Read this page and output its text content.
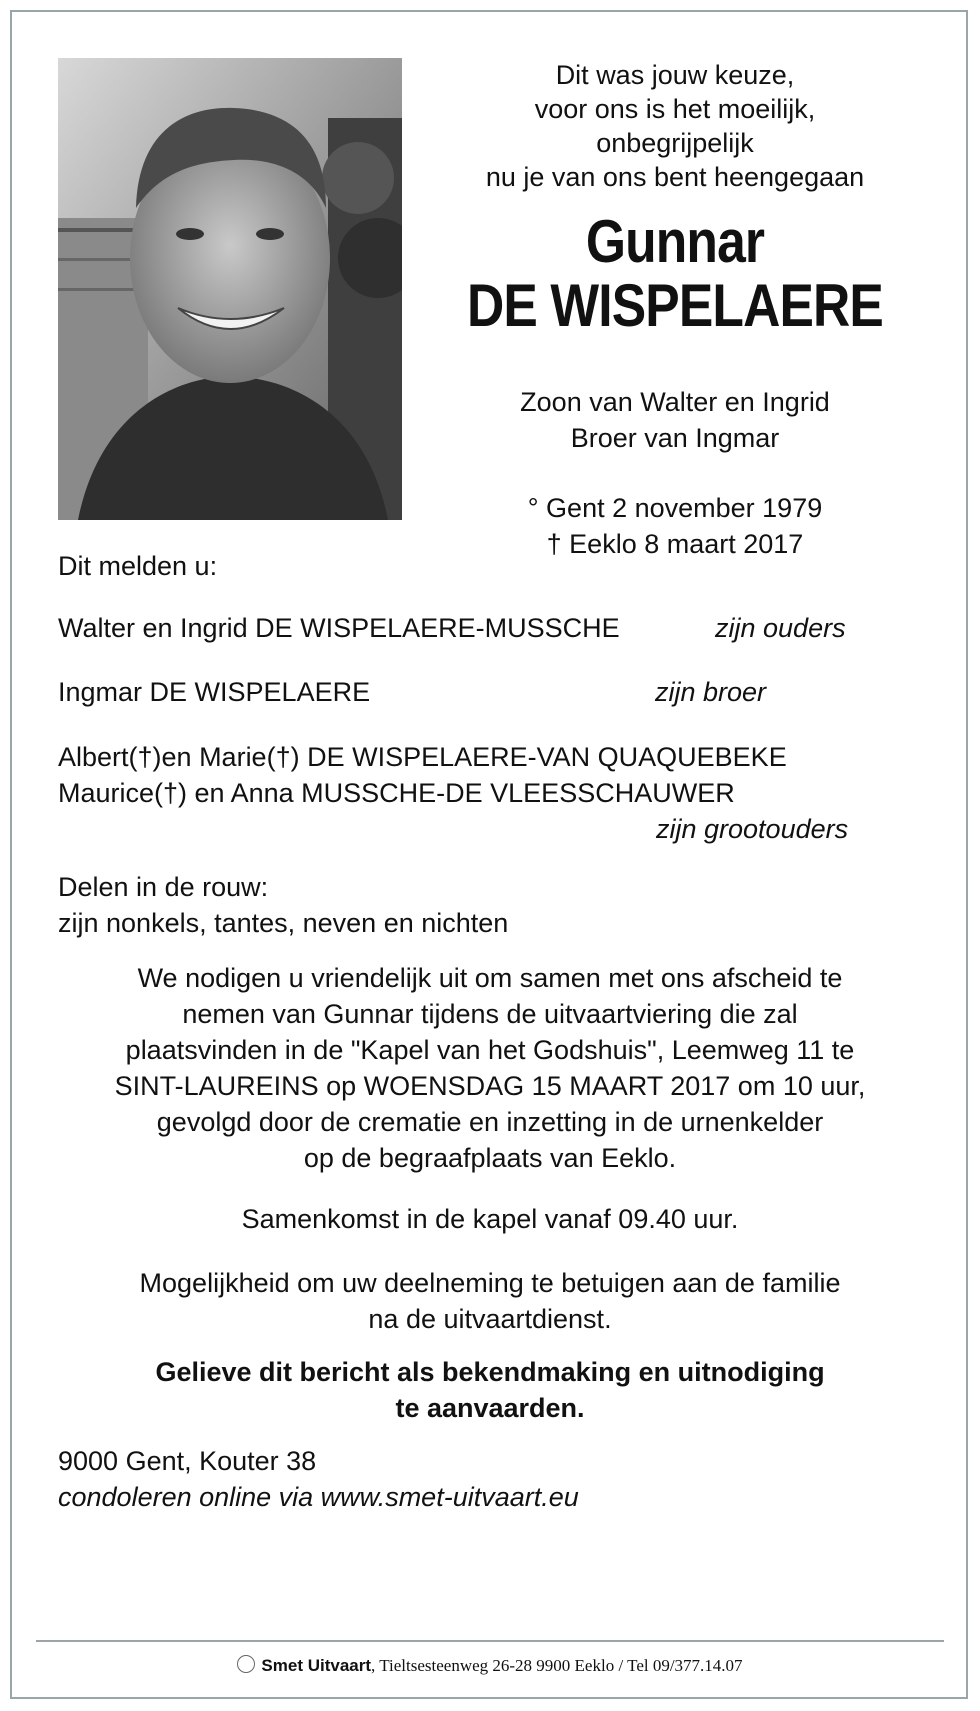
Dit was jouw keuze,
voor ons is het moeilijk,
onbegrijpelijk
nu je van ons bent heengegaan
Gunnar
DE WISPELAERE
Zoon van Walter en Ingrid
Broer van Ingmar
° Gent 2 november 1979
† Eeklo 8 maart 2017
Dit melden u:
Walter en Ingrid DE WISPELAERE-MUSSCHE	zijn ouders
Ingmar DE WISPELAERE	zijn broer
Albert(†)en Marie(†) DE WISPELAERE-VAN QUAQUEBEKE
Maurice(†) en Anna MUSSCHE-DE VLEESSCHAUWER
zijn grootouders
Delen in de rouw:
zijn nonkels, tantes, neven en nichten
We nodigen u vriendelijk uit om samen met ons afscheid te
nemen van Gunnar tijdens de uitvaartviering die zal
plaatsvinden in de "Kapel van het Godshuis", Leemweg 11 te
SINT-LAUREINS op WOENSDAG 15 MAART 2017 om 10 uur,
gevolgd door de crematie en inzetting in de urnenkelder
op de begraafplaats van Eeklo.
Samenkomst in de kapel vanaf 09.40 uur.
Mogelijkheid om uw deelneming te betuigen aan de familie
na de uitvaartdienst.
Gelieve dit bericht als bekendmaking en uitnodiging
te aanvaarden.
9000 Gent, Kouter 38
condoleren online via www.smet-uitvaart.eu
Smet Uitvaart, Tieltsesteenweg 26-28 9900 Eeklo / Tel 09/377.14.07
